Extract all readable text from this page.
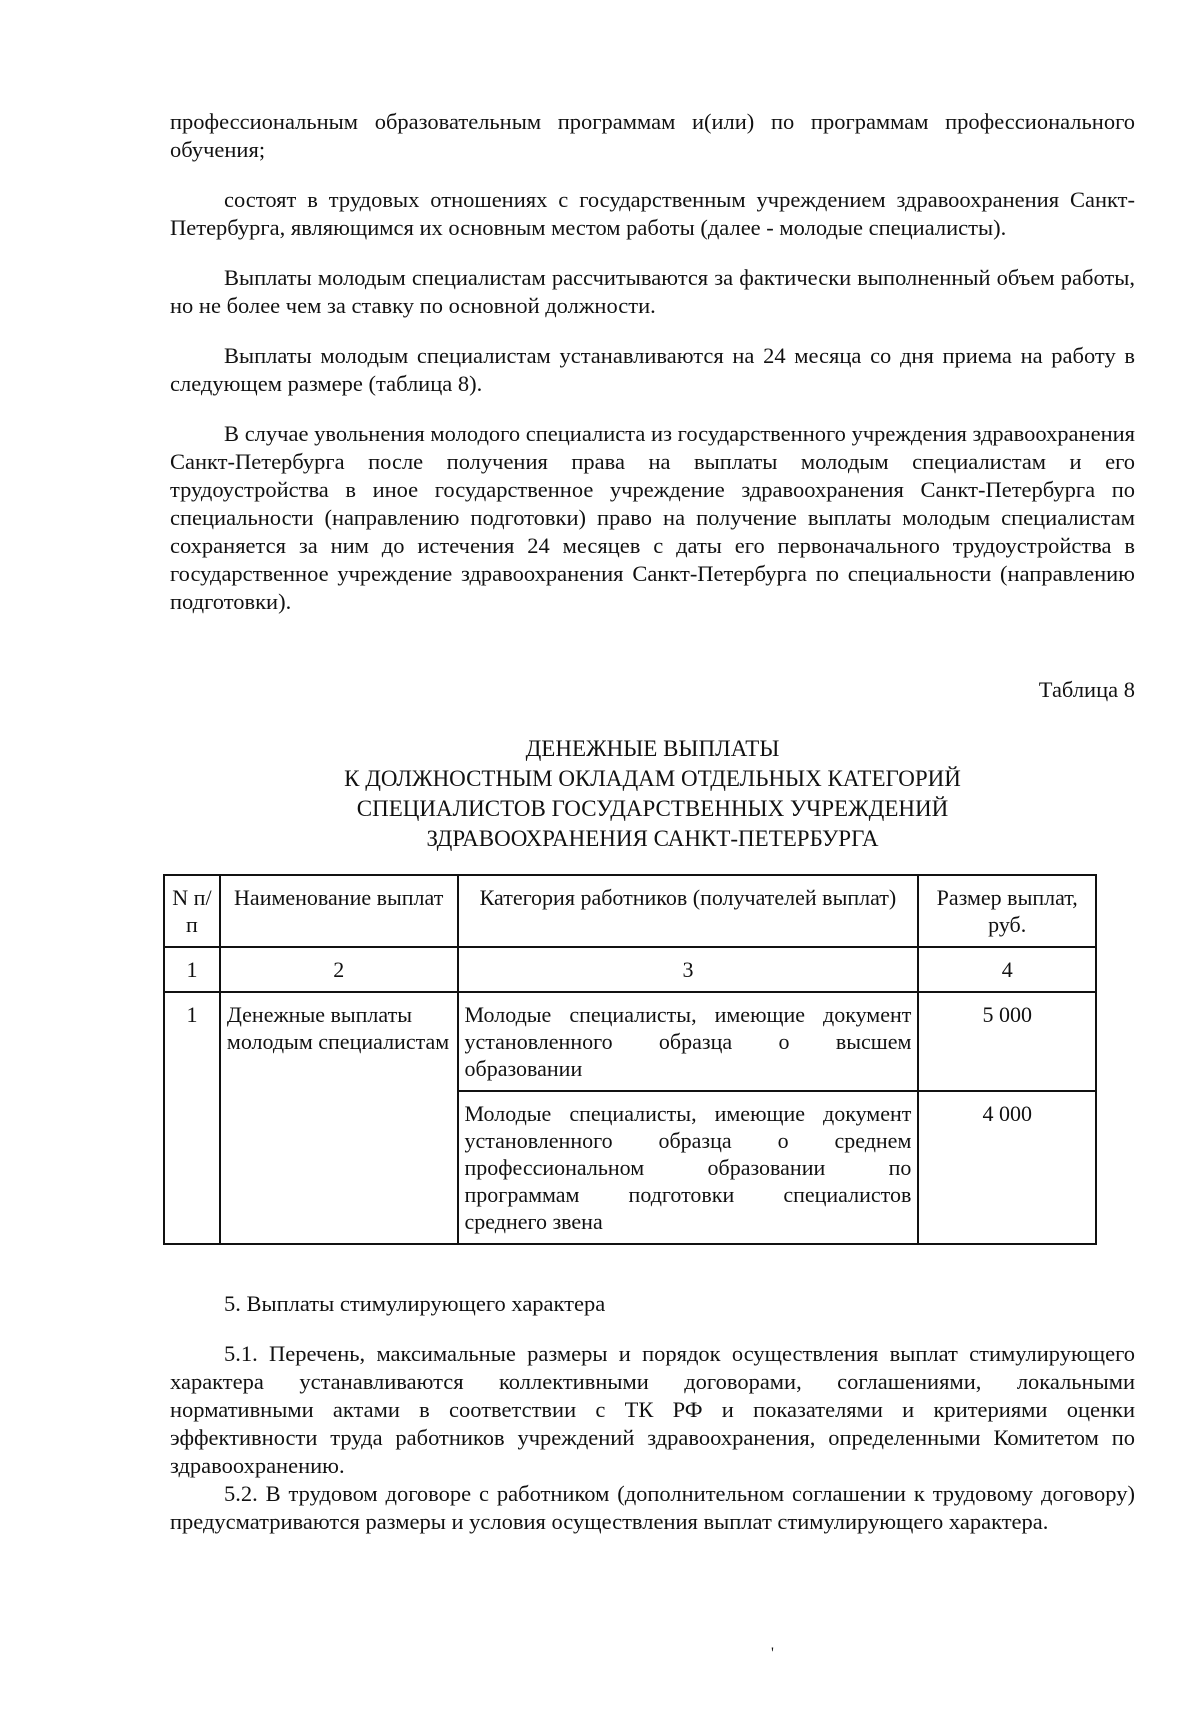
профессиональным образовательным программам и(или) по программам профессионального обучения;

состоят в трудовых отношениях с государственным учреждением здравоохранения Санкт-Петербурга, являющимся их основным местом работы (далее - молодые специалисты).

Выплаты молодым специалистам рассчитываются за фактически выполненный объем работы, но не более чем за ставку по основной должности.

Выплаты молодым специалистам устанавливаются на 24 месяца со дня приема на работу в следующем размере (таблица 8).

В случае увольнения молодого специалиста из государственного учреждения здравоохранения Санкт-Петербурга после получения права на выплаты молодым специалистам и его трудоустройства в иное государственное учреждение здравоохранения Санкт-Петербурга по специальности (направлению подготовки) право на получение выплаты молодым специалистам сохраняется за ним до истечения 24 месяцев с даты его первоначального трудоустройства в государственное учреждение здравоохранения Санкт-Петербурга по специальности (направлению подготовки).

Таблица 8
ДЕНЕЖНЫЕ ВЫПЛАТЫ
К ДОЛЖНОСТНЫМ ОКЛАДАМ ОТДЕЛЬНЫХ КАТЕГОРИЙ
СПЕЦИАЛИСТОВ ГОСУДАРСТВЕННЫХ УЧРЕЖДЕНИЙ
ЗДРАВООХРАНЕНИЯ САНКТ-ПЕТЕРБУРГА
N п/п	Наименование выплат	Категория работников (получателей выплат)	Размер выплат, руб.
1	2	3	4
1	Денежные выплаты молодым специалистам	Молодые специалисты, имеющие документ установленного образца о высшем образовании	5 000
		Молодые специалисты, имеющие документ установленного образца о среднем профессиональном образовании по программам подготовки специалистов среднего звена	4 000

5. Выплаты стимулирующего характера

5.1. Перечень, максимальные размеры и порядок осуществления выплат стимулирующего характера устанавливаются коллективными договорами, соглашениями, локальными нормативными актами в соответствии с ТК РФ и показателями и критериями оценки эффективности труда работников учреждений здравоохранения, определенными Комитетом по здравоохранению.

5.2. В трудовом договоре с работником (дополнительном соглашении к трудовому договору) предусматриваются размеры и условия осуществления выплат стимулирующего характера.

'
